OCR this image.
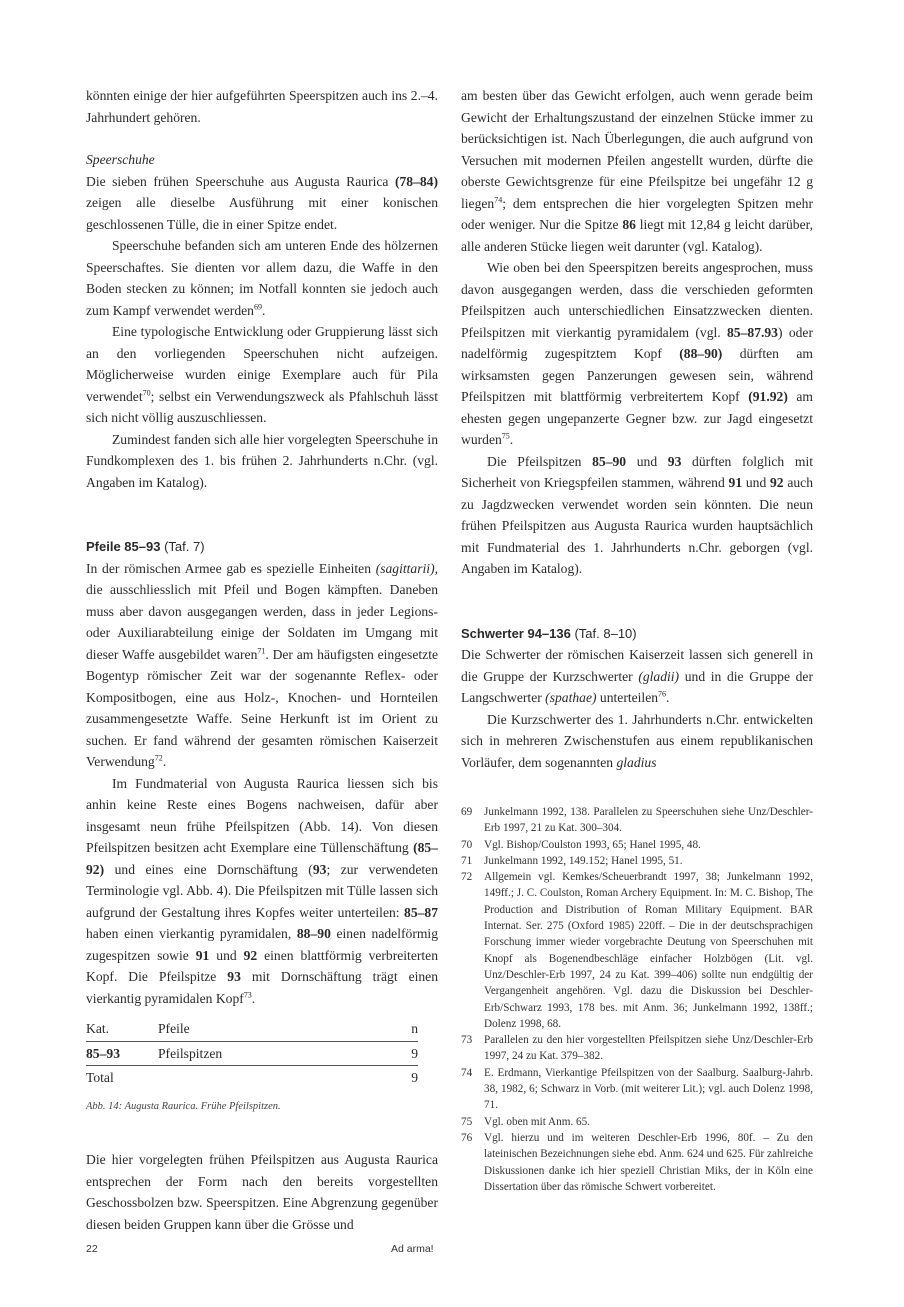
könnten einige der hier aufgeführten Speerspitzen auch ins 2.–4. Jahrhundert gehören.

Speerschuhe

Die sieben frühen Speerschuhe aus Augusta Raurica (78–84) zeigen alle dieselbe Ausführung mit einer konischen geschlossenen Tülle, die in einer Spitze endet.

Speerschuhe befanden sich am unteren Ende des hölzernen Speerschaftes. Sie dienten vor allem dazu, die Waffe in den Boden stecken zu können; im Notfall konnten sie jedoch auch zum Kampf verwendet werden$^{69}$.

Eine typologische Entwicklung oder Gruppierung lässt sich an den vorliegenden Speerschuhen nicht aufzeigen. Möglicherweise wurden einige Exemplare auch für Pila verwendet$^{70}$; selbst ein Verwendungszweck als Pfahlschuh lässt sich nicht völlig auszuschliessen.

Zumindest fanden sich alle hier vorgelegten Speerschuhe in Fundkomplexen des 1. bis frühen 2. Jahrhunderts n.Chr. (vgl. Angaben im Katalog).

Pfeile 85–93 (Taf. 7)

In der römischen Armee gab es spezielle Einheiten (sagittarii), die ausschliesslich mit Pfeil und Bogen kämpften. Daneben muss aber davon ausgegangen werden, dass in jeder Legions- oder Auxiliarabteilung einige der Soldaten im Umgang mit dieser Waffe ausgebildet waren$^{71}$. Der am häufigsten eingesetzte Bogentyp römischer Zeit war der sogenannte Reflex- oder Kompositbogen, eine aus Holz-, Knochen- und Hornteilen zusammengesetzte Waffe. Seine Herkunft ist im Orient zu suchen. Er fand während der gesamten römischen Kaiserzeit Verwendung$^{72}$.

Im Fundmaterial von Augusta Raurica liessen sich bis anhin keine Reste eines Bogens nachweisen, dafür aber insgesamt neun frühe Pfeilspitzen (Abb. 14). Von diesen Pfeilspitzen besitzen acht Exemplare eine Tüllenschäftung (85–92) und eines eine Dornschäftung (93; zur verwendeten Terminologie vgl. Abb. 4). Die Pfeilspitzen mit Tülle lassen sich aufgrund der Gestaltung ihres Kopfes weiter unterteilen: 85–87 haben einen vierkantig pyramidalen, 88–90 einen nadelförmig zugespitzen sowie 91 und 92 einen blattförmig verbreiterten Kopf. Die Pfeilspitze 93 mit Dornschäftung trägt einen vierkantig pyramidalen Kopf$^{73}$.

Kat.	Pfeile	n
85–93	Pfeilspitzen	9
Total		9
Abb. 14: Augusta Raurica. Frühe Pfeilspitzen.

Die hier vorgelegten frühen Pfeilspitzen aus Augusta Raurica entsprechen der Form nach den bereits vorgestellten Geschossbolzen bzw. Speerspitzen. Eine Abgrenzung gegenüber diesen beiden Gruppen kann über die Grösse und

am besten über das Gewicht erfolgen, auch wenn gerade beim Gewicht der Erhaltungszustand der einzelnen Stücke immer zu berücksichtigen ist. Nach Überlegungen, die auch aufgrund von Versuchen mit modernen Pfeilen angestellt wurden, dürfte die oberste Gewichtsgrenze für eine Pfeilspitze bei ungefähr 12 g liegen$^{74}$; dem entsprechen die hier vorgelegten Spitzen mehr oder weniger. Nur die Spitze 86 liegt mit 12,84 g leicht darüber, alle anderen Stücke liegen weit darunter (vgl. Katalog).

Wie oben bei den Speerspitzen bereits angesprochen, muss davon ausgegangen werden, dass die verschieden geformten Pfeilspitzen auch unterschiedlichen Einsatzzwecken dienten. Pfeilspitzen mit vierkantig pyramidalem (vgl. 85–87.93) oder nadelförmig zugespitztem Kopf (88–90) dürften am wirksamsten gegen Panzerungen gewesen sein, während Pfeilspitzen mit blattförmig verbreitertem Kopf (91.92) am ehesten gegen ungepanzerte Gegner bzw. zur Jagd eingesetzt wurden$^{75}$.

Die Pfeilspitzen 85–90 und 93 dürften folglich mit Sicherheit von Kriegspfeilen stammen, während 91 und 92 auch zu Jagdzwecken verwendet worden sein könnten. Die neun frühen Pfeilspitzen aus Augusta Raurica wurden hauptsächlich mit Fundmaterial des 1. Jahrhunderts n.Chr. geborgen (vgl. Angaben im Katalog).

Schwerter 94–136 (Taf. 8–10)

Die Schwerter der römischen Kaiserzeit lassen sich generell in die Gruppe der Kurzschwerter (gladii) und in die Gruppe der Langschwerter (spathae) unterteilen$^{76}$.

Die Kurzschwerter des 1. Jahrhunderts n.Chr. entwickelten sich in mehreren Zwischenstufen aus einem republikanischen Vorläufer, dem sogenannten gladius

69	Junkelmann 1992, 138. Parallelen zu Speerschuhen siehe Unz/Deschler-Erb 1997, 21 zu Kat. 300–304.
70	Vgl. Bishop/Coulston 1993, 65; Hanel 1995, 48.
71	Junkelmann 1992, 149.152; Hanel 1995, 51.
72	Allgemein vgl. Kemkes/Scheuerbrandt 1997, 38; Junkelmann 1992, 149ff.; J. C. Coulston, Roman Archery Equipment. In: M. C. Bishop, The Production and Distribution of Roman Military Equipment. BAR Internat. Ser. 275 (Oxford 1985) 220ff. – Die in der deutschsprachigen Forschung immer wieder vorgebrachte Deutung von Speerschuhen mit Knopf als Bogenendbeschläge einfacher Holzbögen (Lit. vgl. Unz/Deschler-Erb 1997, 24 zu Kat. 399–406) sollte nun endgültig der Vergangenheit angehören. Vgl. dazu die Diskussion bei Deschler-Erb/Schwarz 1993, 178 bes. mit Anm. 36; Junkelmann 1992, 138ff.; Dolenz 1998, 68.
73	Parallelen zu den hier vorgestellten Pfeilspitzen siehe Unz/Deschler-Erb 1997, 24 zu Kat. 379–382.
74	E. Erdmann, Vierkantige Pfeilspitzen von der Saalburg. Saalburg-Jahrb. 38, 1982, 6; Schwarz in Vorb. (mit weiterer Lit.); vgl. auch Dolenz 1998, 71.
75	Vgl. oben mit Anm. 65.
76	Vgl. hierzu und im weiteren Deschler-Erb 1996, 80f. – Zu den lateinischen Bezeichnungen siehe ebd. Anm. 624 und 625. Für zahlreiche Diskussionen danke ich hier speziell Christian Miks, der in Köln eine Dissertation über das römische Schwert vorbereitet.
22	Ad arma!
